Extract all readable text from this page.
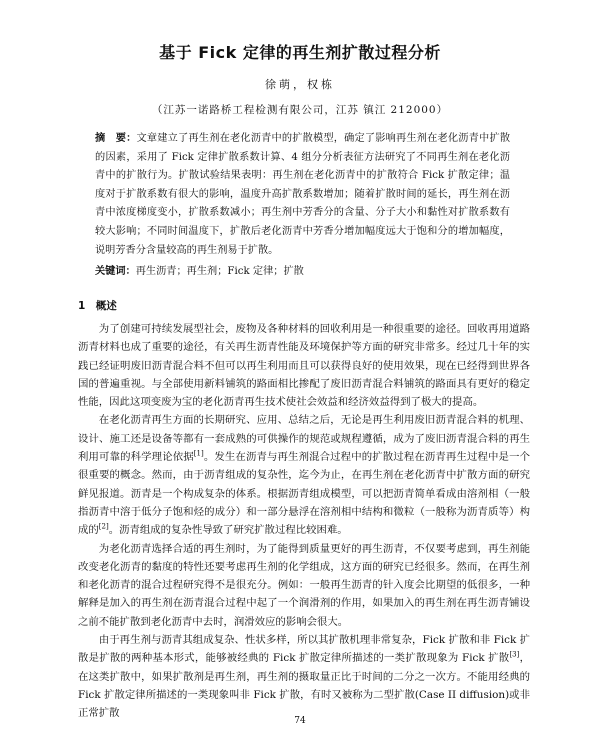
基于 Fick 定律的再生剂扩散过程分析
徐萌，权栋
（江苏一诺路桥工程检测有限公司，江苏 镇江 212000）
摘　要：文章建立了再生剂在老化沥青中的扩散模型，确定了影响再生剂在老化沥青中扩散的因素，采用了 Fick 定律扩散系数计算、4 组分分析表征方法研究了不同再生剂在老化沥青中的扩散行为。扩散试验结果表明：再生剂在老化沥青中的扩散符合 Fick 扩散定律；温度对于扩散系数有很大的影响，温度升高扩散系数增加；随着扩散时间的延长，再生剂在沥青中浓度梯度变小，扩散系数减小；再生剂中芳香分的含量、分子大小和黏性对扩散系数有较大影响；不同时间温度下，扩散后老化沥青中芳香分增加幅度远大于饱和分的增加幅度，说明芳香分含量较高的再生剂易于扩散。
关键词：再生沥青；再生剂；Fick 定律；扩散
1　概述

为了创建可持续发展型社会，废物及各种材料的回收利用是一种很重要的途径。回收再用道路沥青材料也成了重要的途径，有关再生沥青性能及环境保护等方面的研究非常多。经过几十年的实践已经证明废旧沥青混合料不但可以再生利用而且可以获得良好的使用效果，现在已经得到世界各国的普遍重视。与全部使用新料铺筑的路面相比掺配了废旧沥青混合料铺筑的路面具有更好的稳定性能，因此这项变废为宝的老化沥青再生技术使社会效益和经济效益得到了极大的提高。

在老化沥青再生方面的长期研究、应用、总结之后，无论是再生利用废旧沥青混合料的机理、设计、施工还是设备等都有一套成熟的可供操作的规范或规程遵循，成为了废旧沥青混合料的再生利用可靠的科学理论依据[1]。发生在沥青与再生剂混合过程中的扩散过程在沥青再生过程中是一个很重要的概念。然而，由于沥青组成的复杂性，迄今为止，在再生剂在老化沥青中扩散方面的研究鲜见报道。沥青是一个构成复杂的体系。根据沥青组成模型，可以把沥青简单看成由溶剂相（一般指沥青中溶于低分子饱和烃的成分）和一部分悬浮在溶剂相中结构和微粒（一般称为沥青质等）构成的[2]。沥青组成的复杂性导致了研究扩散过程比较困难。

为老化沥青选择合适的再生剂时，为了能得到质量更好的再生沥青，不仅要考虑到，再生剂能改变老化沥青的黏度的特性还要考虑再生剂的化学组成，这方面的研究已经很多。然而，在再生剂和老化沥青的混合过程研究得不是很充分。例如：一般再生沥青的针入度会比期望的低很多，一种解释是加入的再生剂在沥青混合过程中起了一个润滑剂的作用，如果加入的再生剂在再生沥青铺设之前不能扩散到老化沥青中去时，润滑效应的影响会很大。

由于再生剂与沥青其组成复杂、性状多样，所以其扩散机理非常复杂，Fick 扩散和非 Fick 扩散是扩散的两种基本形式，能够被经典的 Fick 扩散定律所描述的一类扩散现象为 Fick 扩散[3]，在这类扩散中，如果扩散剂是再生剂，再生剂的摄取量正比于时间的二分之一次方。不能用经典的 Fick 扩散定律所描述的一类现象叫非 Fick 扩散，有时又被称为二型扩散(Case II diffusion)或非正常扩散

74
